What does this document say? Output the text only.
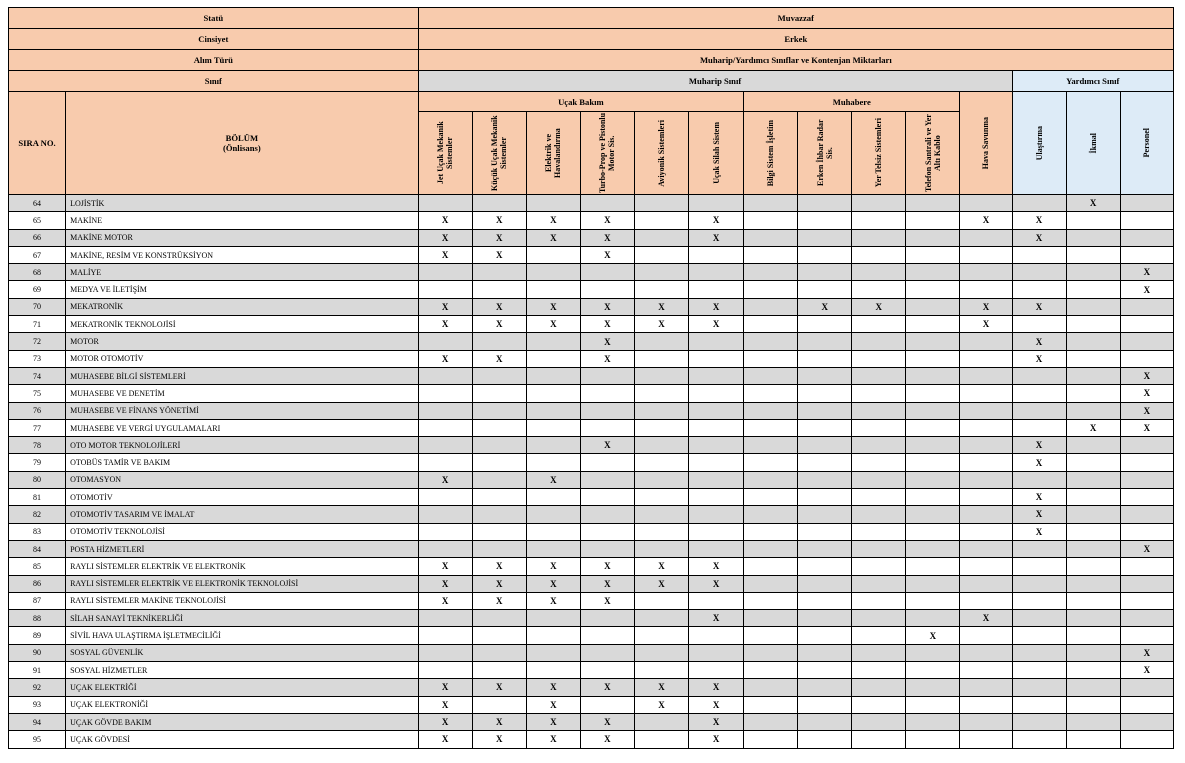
Statü		Muvazzaf													
Cinsiyet		Erkek													
Alım Türü		Muharip/Yardımcı Sınıflar ve Kontenjan Miktarları													
Sınıf		Muharip Sınıf											Yardımcı Sınıf		
SIRA NO.	BÖLÜM
(Önlisans)	Uçak Bakım						Muhabere				Hava Savunma	Ulaştırma	İkmal	Personel

		Jet Uçak Mekanik Sistemler	Küçük Uçak Mekanik Sistemler	Elektrik ve Havalandırma	Turbo-Prop ve Pistonlu Motor Sis.	Aviyonik Sistemleri	Uçak Silah Sistem	Bilgi Sistem İşletim	Erken İhbar Radar Sis.	Yer Telsiz Sistemleri	Telefon Santrali ve Yer Altı Kablo				

64	LOJİSTİK													X	
65	MAKİNE	X	X	X	X		X					X	X		
66	MAKİNE MOTOR	X	X	X	X		X						X		
67	MAKİNE, RESİM VE KONSTRÜKSİYON	X	X		X										
68	MALİYE														X
69	MEDYA VE İLETİŞİM														X
70	MEKATRONİK	X	X	X	X	X	X		X	X		X	X		
71	MEKATRONİK TEKNOLOJİSİ	X	X	X	X	X	X					X			
72	MOTOR				X								X		
73	MOTOR OTOMOTİV	X	X		X								X		
74	MUHASEBE BİLGİ SİSTEMLERİ														X
75	MUHASEBE VE DENETİM														X
76	MUHASEBE VE FİNANS YÖNETİMİ														X
77	MUHASEBE VE VERGİ UYGULAMALARI													X	X
78	OTO MOTOR TEKNOLOJİLERİ				X								X		
79	OTOBÜS TAMİR VE BAKIM												X		
80	OTOMASYON	X		X											
81	OTOMOTİV												X		
82	OTOMOTİV TASARIM VE İMALAT												X		
83	OTOMOTİV TEKNOLOJİSİ												X		
84	POSTA HİZMETLERİ														X
85	RAYLI SİSTEMLER ELEKTRİK VE ELEKTRONİK	X	X	X	X	X	X								
86	RAYLI SİSTEMLER ELEKTRİK VE ELEKTRONİK TEKNOLOJİSİ	X	X	X	X	X	X								
87	RAYLI SİSTEMLER MAKİNE TEKNOLOJİSİ	X	X	X	X										
88	SİLAH SANAYİ TEKNİKERLİĞİ						X					X			
89	SİVİL HAVA ULAŞTIRMA İŞLETMECİLİĞİ										X				
90	SOSYAL GÜVENLİK														X
91	SOSYAL HİZMETLER														X
92	UÇAK ELEKTRİĞİ	X	X	X	X	X	X								
93	UÇAK ELEKTRONİĞİ	X		X		X	X								
94	UÇAK GÖVDE BAKIM	X	X	X	X		X								
95	UÇAK GÖVDESİ	X	X	X	X		X								
